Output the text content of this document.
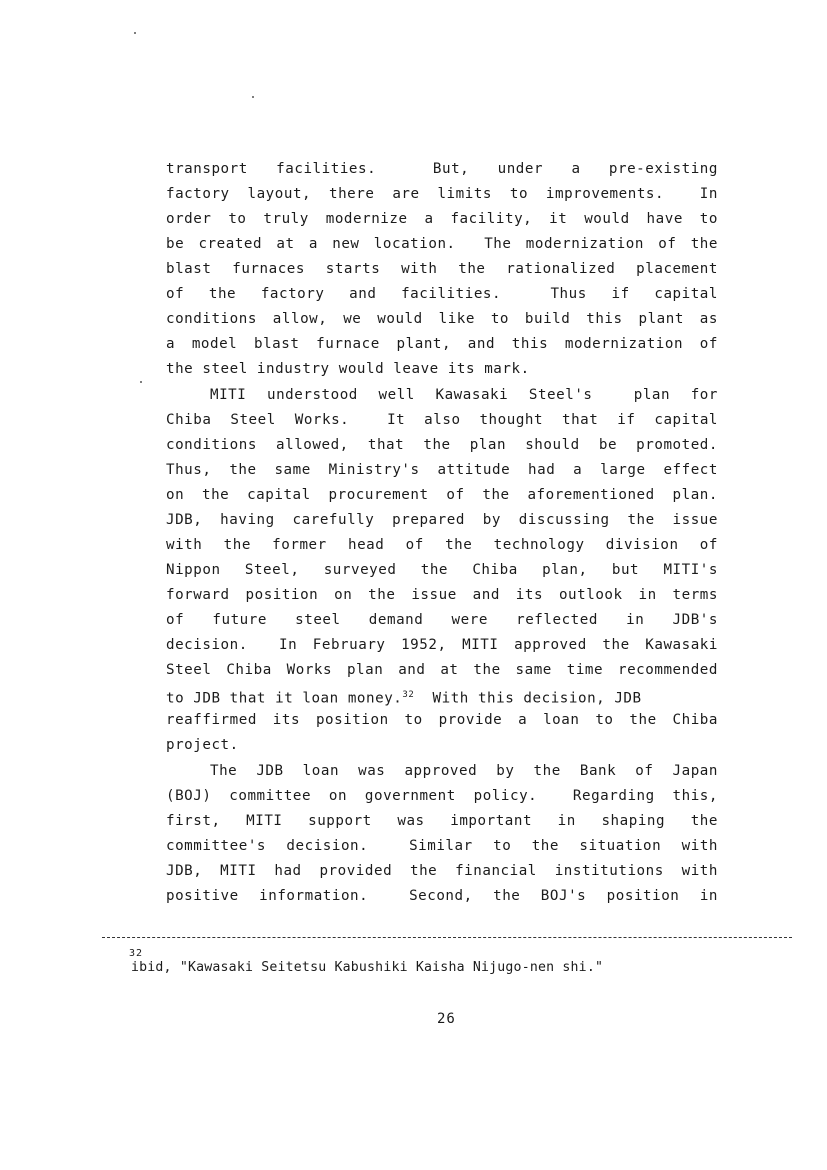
transport facilities.  But, under a pre-existing
factory layout, there are limits to improvements.  In
order to truly modernize a facility, it would have to
be created at a new location.  The modernization of the
blast furnaces starts with the rationalized placement
of the factory and facilities.  Thus if capital
conditions allow, we would like to build this plant as
a model blast furnace plant, and this modernization of
the steel industry would leave its mark.
MITI understood well Kawasaki Steel's  plan for
Chiba Steel Works.  It also thought that if capital
conditions allowed, that the plan should be promoted.
Thus, the same Ministry's attitude had a large effect
on the capital procurement of the aforementioned plan.
JDB, having carefully prepared by discussing the issue
with the former head of the technology division of
Nippon Steel, surveyed the Chiba plan, but MITI's
forward position on the issue and its outlook in terms
of future steel demand were reflected in JDB's
decision.  In February 1952, MITI approved the Kawasaki
Steel Chiba Works plan and at the same time recommended
to JDB that it loan money.$^{32}$  With this decision, JDB
reaffirmed its position to provide a loan to the Chiba
project.
The JDB loan was approved by the Bank of Japan
(BOJ) committee on government policy.  Regarding this,
first, MITI support was important in shaping the
committee's decision.  Similar to the situation with
JDB, MITI had provided the financial institutions with
positive information.  Second, the BOJ's position in
32
ibid, "Kawasaki Seitetsu Kabushiki Kaisha Nijugo-nen shi."
26
